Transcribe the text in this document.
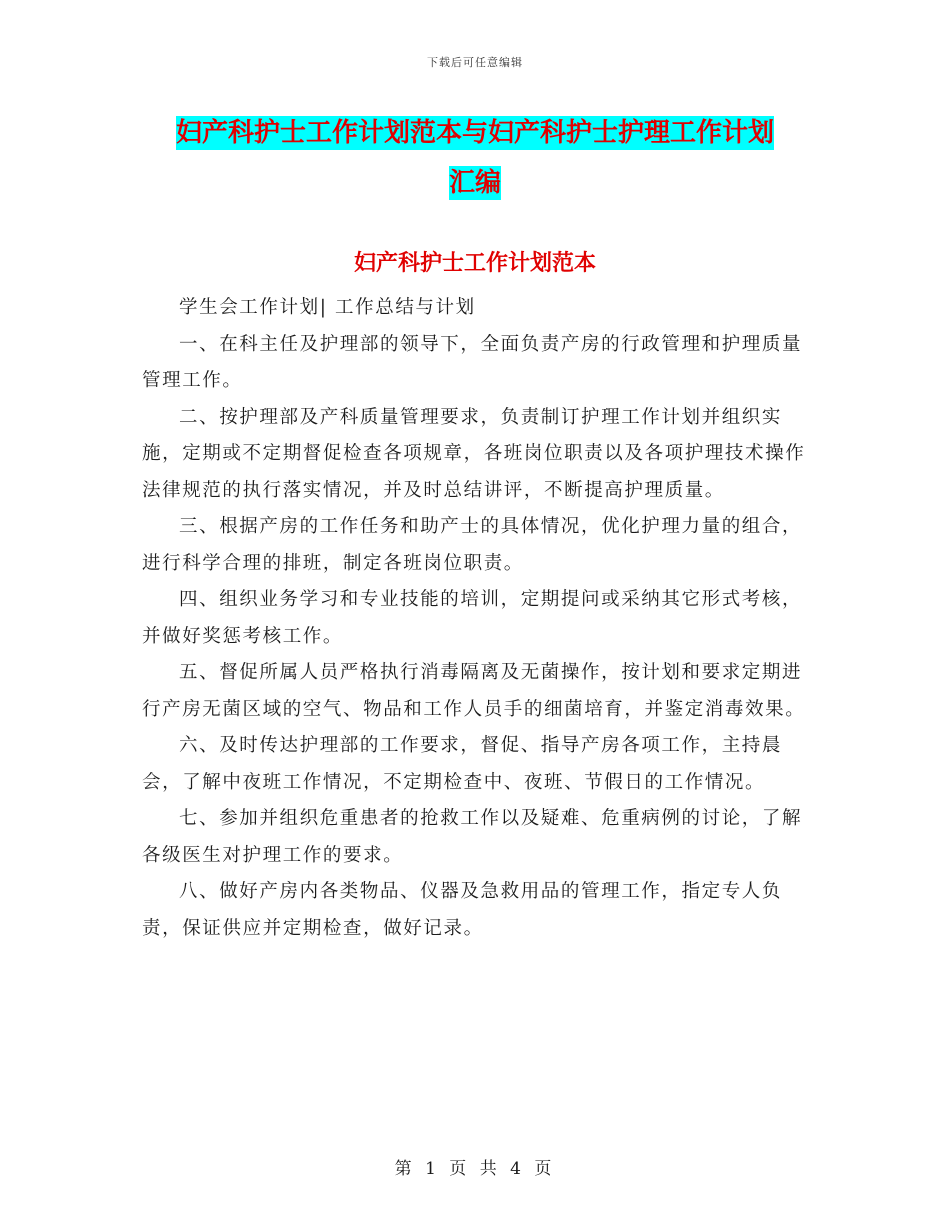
下载后可任意编辑
妇产科护士工作计划范本与妇产科护士护理工作计划
汇编
妇产科护士工作计划范本

学生会工作计划| 工作总结与计划

一、在科主任及护理部的领导下，全面负责产房的行政管理和护理质量管理工作。

二、按护理部及产科质量管理要求，负责制订护理工作计划并组织实施，定期或不定期督促检查各项规章，各班岗位职责以及各项护理技术操作法律规范的执行落实情况，并及时总结讲评，不断提高护理质量。

三、根据产房的工作任务和助产士的具体情况，优化护理力量的组合，进行科学合理的排班，制定各班岗位职责。

四、组织业务学习和专业技能的培训，定期提问或采纳其它形式考核，并做好奖惩考核工作。

五、督促所属人员严格执行消毒隔离及无菌操作，按计划和要求定期进行产房无菌区域的空气、物品和工作人员手的细菌培育，并鉴定消毒效果。

六、及时传达护理部的工作要求，督促、指导产房各项工作，主持晨会，了解中夜班工作情况，不定期检查中、夜班、节假日的工作情况。

七、参加并组织危重患者的抢救工作以及疑难、危重病例的讨论，了解各级医生对护理工作的要求。

八、做好产房内各类物品、仪器及急救用品的管理工作，指定专人负责，保证供应并定期检查，做好记录。

第 1 页 共 4 页
